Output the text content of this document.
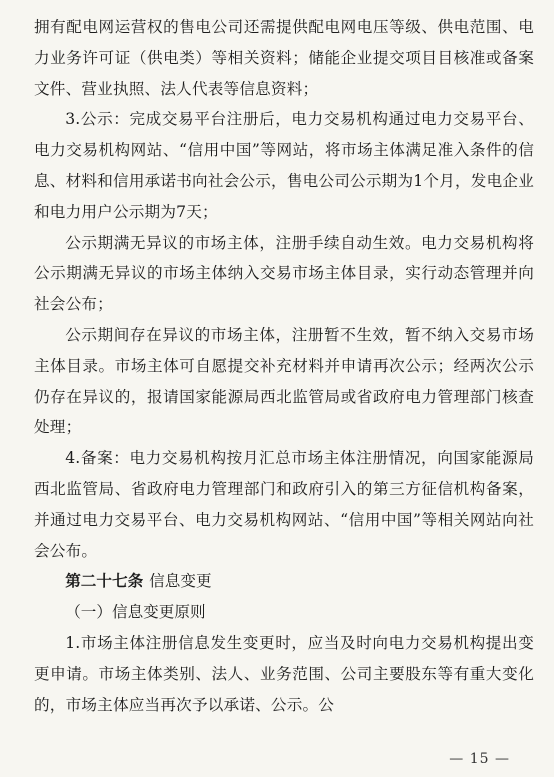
拥有配电网运营权的售电公司还需提供配电网电压等级、供电范围、电力业务许可证（供电类）等相关资料；储能企业提交项目目核准或备案文件、营业执照、法人代表等信息资料；

3.公示：完成交易平台注册后，电力交易机构通过电力交易平台、电力交易机构网站、“信用中国”等网站，将市场主体满足准入条件的信息、材料和信用承诺书向社会公示，售电公司公示期为1个月，发电企业和电力用户公示期为7天；

公示期满无异议的市场主体，注册手续自动生效。电力交易机构将公示期满无异议的市场主体纳入交易市场主体目录，实行动态管理并向社会公布；

公示期间存在异议的市场主体，注册暂不生效，暂不纳入交易市场主体目录。市场主体可自愿提交补充材料并申请再次公示；经两次公示仍存在异议的，报请国家能源局西北监管局或省政府电力管理部门核查处理；

4.备案：电力交易机构按月汇总市场主体注册情况，向国家能源局西北监管局、省政府电力管理部门和政府引入的第三方征信机构备案，并通过电力交易平台、电力交易机构网站、“信用中国”等相关网站向社会公布。

第二十七条 信息变更

（一）信息变更原则

1.市场主体注册信息发生变更时，应当及时向电力交易机构提出变更申请。市场主体类别、法人、业务范围、公司主要股东等有重大变化的，市场主体应当再次予以承诺、公示。公

— 15 —
